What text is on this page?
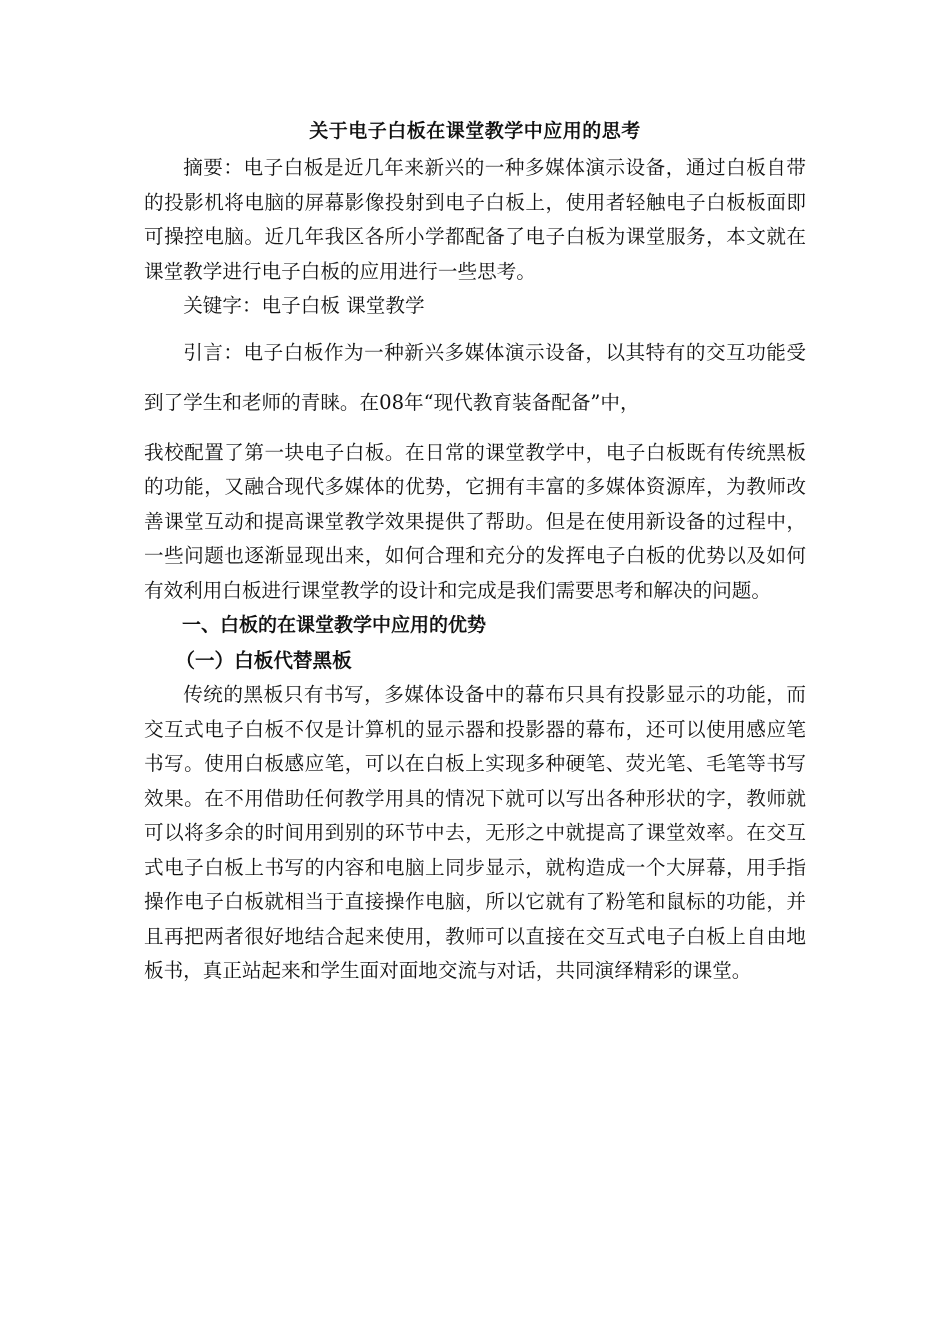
关于电子白板在课堂教学中应用的思考

摘要：电子白板是近几年来新兴的一种多媒体演示设备，通过白板自带的投影机将电脑的屏幕影像投射到电子白板上，使用者轻触电子白板板面即可操控电脑。近几年我区各所小学都配备了电子白板为课堂服务，本文就在课堂教学进行电子白板的应用进行一些思考。

关键字：电子白板 课堂教学

引言：电子白板作为一种新兴多媒体演示设备，以其特有的交互功能受到了学生和老师的青睐。在08年“现代教育装备配备”中，

我校配置了第一块电子白板。在日常的课堂教学中，电子白板既有传统黑板的功能，又融合现代多媒体的优势，它拥有丰富的多媒体资源库，为教师改善课堂互动和提高课堂教学效果提供了帮助。但是在使用新设备的过程中，一些问题也逐渐显现出来，如何合理和充分的发挥电子白板的优势以及如何有效利用白板进行课堂教学的设计和完成是我们需要思考和解决的问题。

一、白板的在课堂教学中应用的优势
（一）白板代替黑板

传统的黑板只有书写，多媒体设备中的幕布只具有投影显示的功能，而交互式电子白板不仅是计算机的显示器和投影器的幕布，还可以使用感应笔书写。使用白板感应笔，可以在白板上实现多种硬笔、荧光笔、毛笔等书写效果。在不用借助任何教学用具的情况下就可以写出各种形状的字，教师就可以将多余的时间用到别的环节中去，无形之中就提高了课堂效率。在交互式电子白板上书写的内容和电脑上同步显示，就构造成一个大屏幕，用手指操作电子白板就相当于直接操作电脑，所以它就有了粉笔和鼠标的功能，并且再把两者很好地结合起来使用，教师可以直接在交互式电子白板上自由地板书，真正站起来和学生面对面地交流与对话，共同演绎精彩的课堂。
